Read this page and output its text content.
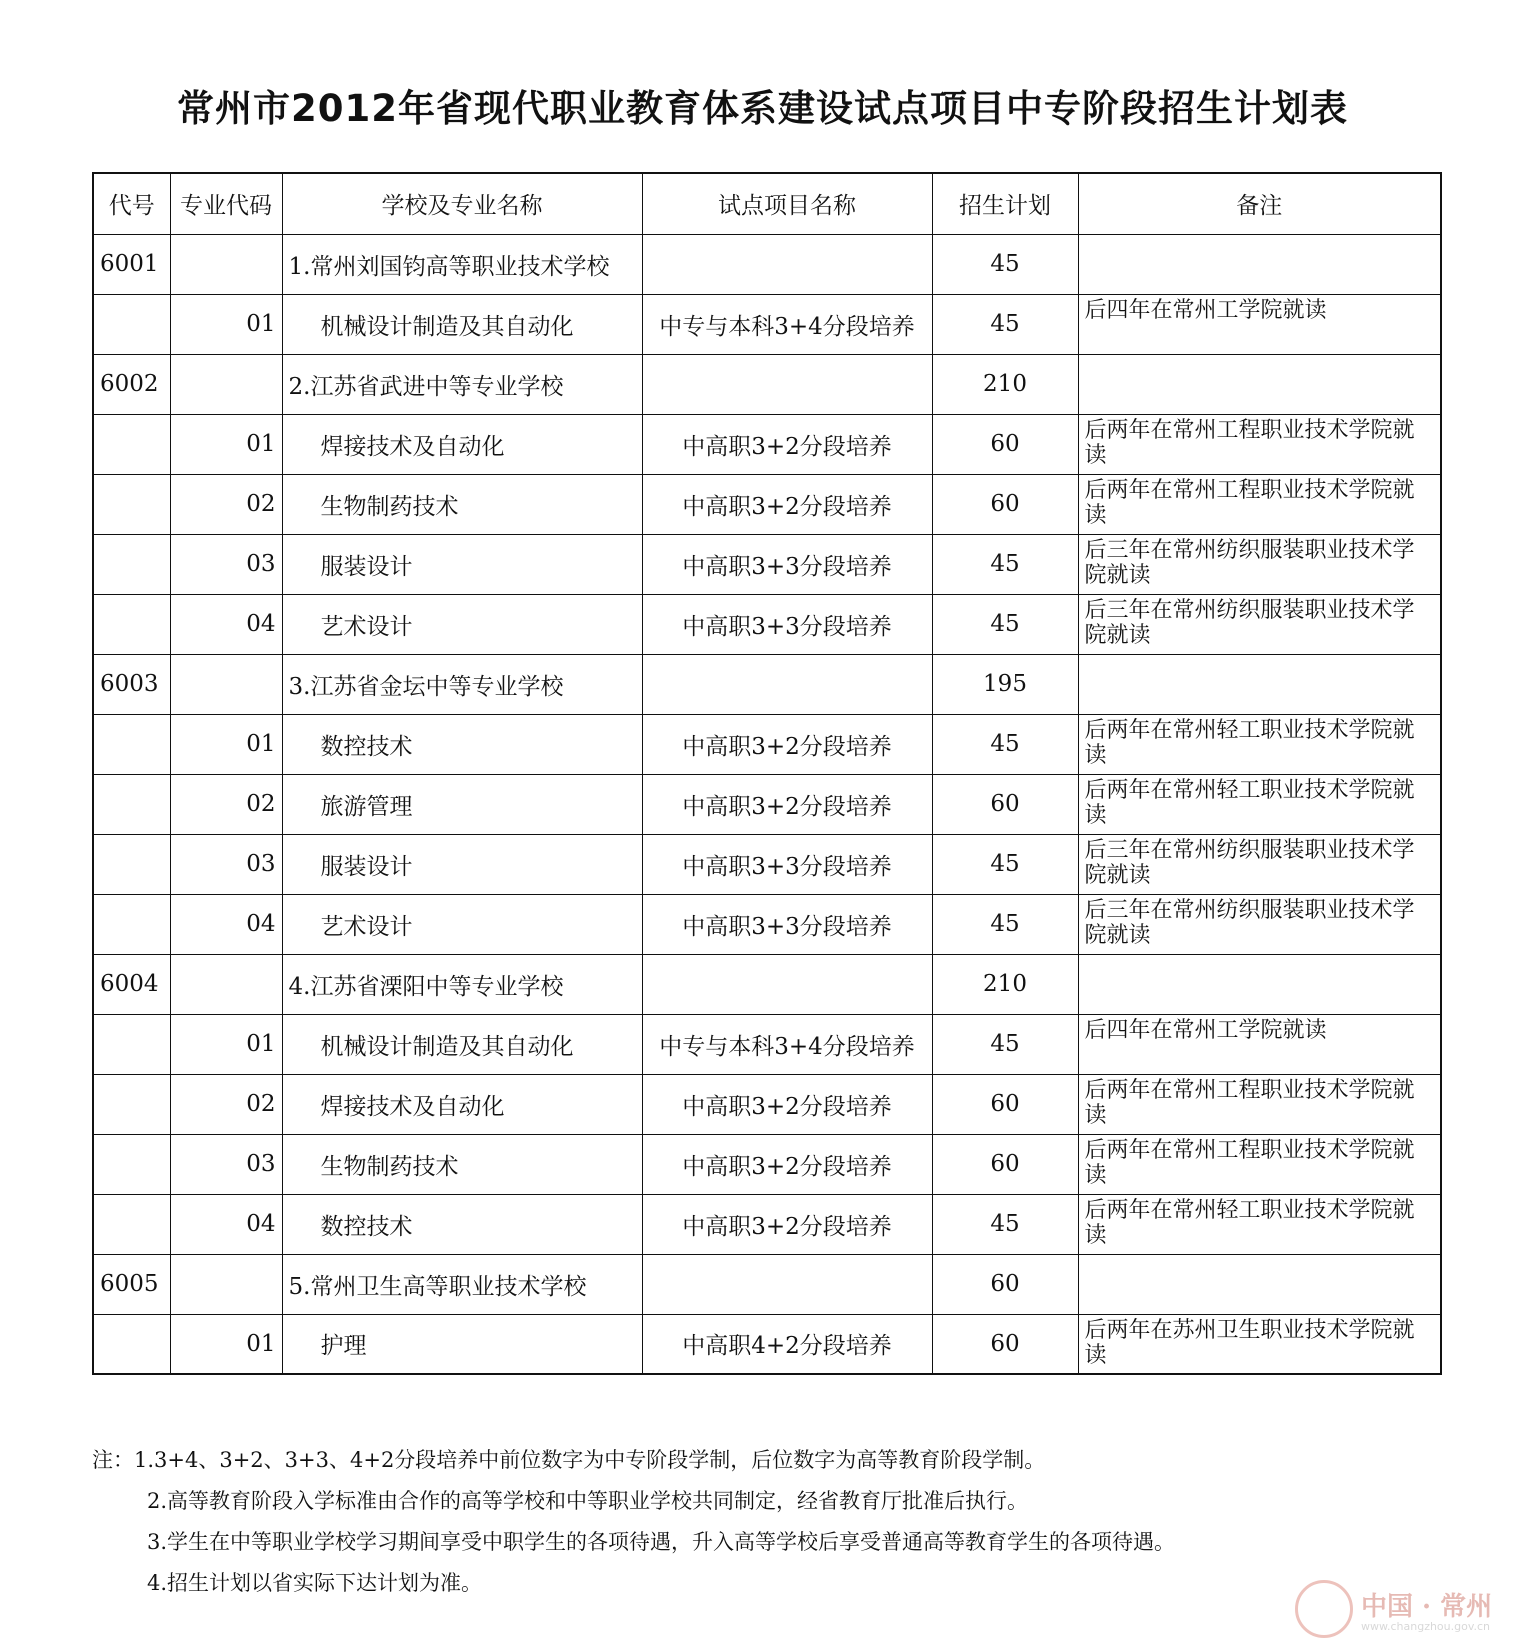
常州市2012年省现代职业教育体系建设试点项目中专阶段招生计划表
代号	专业代码	学校及专业名称	试点项目名称	招生计划	备注
6001		1.常州刘国钧高等职业技术学校		45	
	01	机械设计制造及其自动化	中专与本科3+4分段培养	45	后四年在常州工学院就读
6002		2.江苏省武进中等专业学校		210	
	01	焊接技术及自动化	中高职3+2分段培养	60	后两年在常州工程职业技术学院就读
	02	生物制药技术	中高职3+2分段培养	60	后两年在常州工程职业技术学院就读
	03	服装设计	中高职3+3分段培养	45	后三年在常州纺织服装职业技术学院就读
	04	艺术设计	中高职3+3分段培养	45	后三年在常州纺织服装职业技术学院就读
6003		3.江苏省金坛中等专业学校		195	
	01	数控技术	中高职3+2分段培养	45	后两年在常州轻工职业技术学院就读
	02	旅游管理	中高职3+2分段培养	60	后两年在常州轻工职业技术学院就读
	03	服装设计	中高职3+3分段培养	45	后三年在常州纺织服装职业技术学院就读
	04	艺术设计	中高职3+3分段培养	45	后三年在常州纺织服装职业技术学院就读
6004		4.江苏省溧阳中等专业学校		210	
	01	机械设计制造及其自动化	中专与本科3+4分段培养	45	后四年在常州工学院就读
	02	焊接技术及自动化	中高职3+2分段培养	60	后两年在常州工程职业技术学院就读
	03	生物制药技术	中高职3+2分段培养	60	后两年在常州工程职业技术学院就读
	04	数控技术	中高职3+2分段培养	45	后两年在常州轻工职业技术学院就读
6005		5.常州卫生高等职业技术学校		60	
	01	护理	中高职4+2分段培养	60	后两年在苏州卫生职业技术学院就读
注：1.3+4、3+2、3+3、4+2分段培养中前位数字为中专阶段学制，后位数字为高等教育阶段学制。
2.高等教育阶段入学标准由合作的高等学校和中等职业学校共同制定，经省教育厅批准后执行。
3.学生在中等职业学校学习期间享受中职学生的各项待遇，升入高等学校后享受普通高等教育学生的各项待遇。
4.招生计划以省实际下达计划为准。
中国 · 常州
www.changzhou.gov.cn
